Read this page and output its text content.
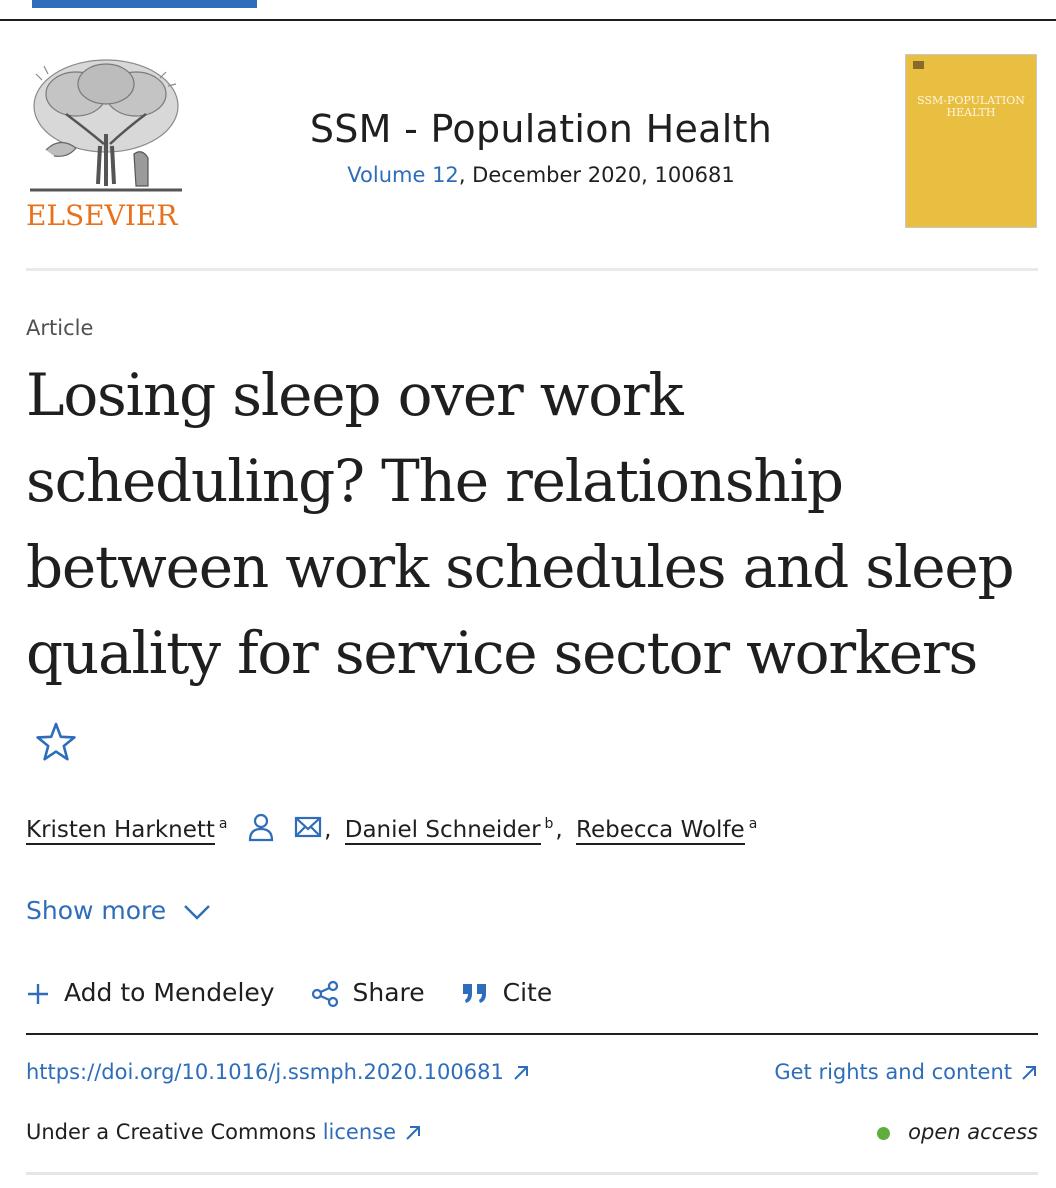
ELSEVIER
SSM - Population Health
Volume 12, December 2020, 100681
SSM-POPULATION HEALTH
Article
Losing sleep over work scheduling? The relationship between work schedules and sleep quality for service sector workers
Kristen Harknett $^a$	, Daniel Schneider $^b$, Rebecca Wolfe $^a$
Show more
Add to Mendeley	Share	Cite
https://doi.org/10.1016/j.ssmph.2020.100681	Get rights and content
Under a Creative Commons license	open access
